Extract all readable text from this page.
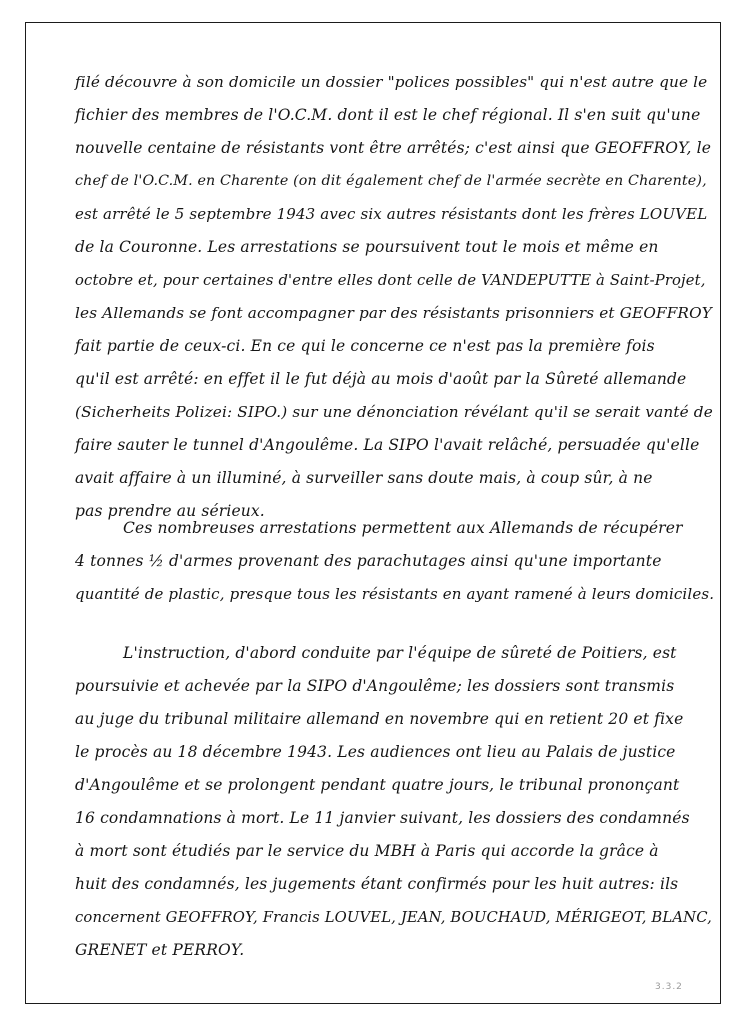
filé découvre à son domicile un dossier "polices possibles" qui n'est autre que le
fichier des membres de l'O.C.M. dont il est le chef régional. Il s'en suit qu'une
nouvelle centaine de résistants vont être arrêtés; c'est ainsi que GEOFFROY, le
chef de l'O.C.M. en Charente (on dit également chef de l'armée secrète en Charente),
est arrêté le 5 septembre 1943 avec six autres résistants dont les frères LOUVEL
de la Couronne. Les arrestations se poursuivent tout le mois et même en
octobre et, pour certaines d'entre elles dont celle de VANDEPUTTE à Saint-Projet,
les Allemands se font accompagner par des résistants prisonniers et GEOFFROY
fait partie de ceux-ci. En ce qui le concerne ce n'est pas la première fois
qu'il est arrêté: en effet il le fut déjà au mois d'août par la Sûreté allemande
(Sicherheits Polizei: SIPO.) sur une dénonciation révélant qu'il se serait vanté de
faire sauter le tunnel d'Angoulême. La SIPO l'avait relâché, persuadée qu'elle
avait affaire à un illuminé, à surveiller sans doute mais, à coup sûr, à ne
pas prendre au sérieux.
Ces nombreuses arrestations permettent aux Allemands de récupérer
4 tonnes ½ d'armes provenant des parachutages ainsi qu'une importante
quantité de plastic, presque tous les résistants en ayant ramené à leurs domiciles.
L'instruction, d'abord conduite par l'équipe de sûreté de Poitiers, est
poursuivie et achevée par la SIPO d'Angoulême; les dossiers sont transmis
au juge du tribunal militaire allemand en novembre qui en retient 20 et fixe
le procès au 18 décembre 1943. Les audiences ont lieu au Palais de justice
d'Angoulême et se prolongent pendant quatre jours, le tribunal prononçant
16 condamnations à mort. Le 11 janvier suivant, les dossiers des condamnés
à mort sont étudiés par le service du MBH à Paris qui accorde la grâce à
huit des condamnés, les jugements étant confirmés pour les huit autres: ils
concernent GEOFFROY, Francis LOUVEL, JEAN, BOUCHAUD, MÉRIGEOT, BLANC,
GRENET et PERROY.
3.3.2
